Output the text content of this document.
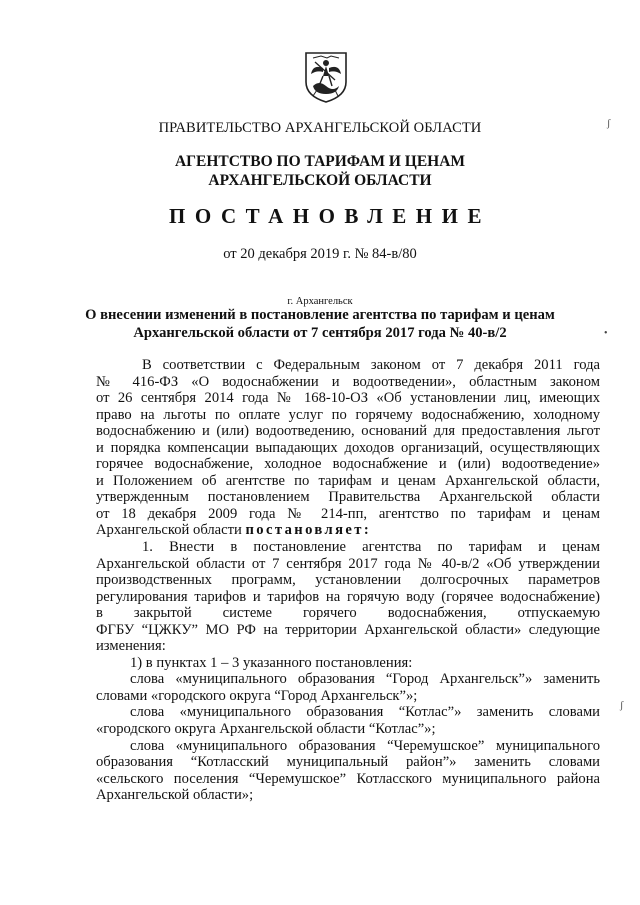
ПРАВИТЕЛЬСТВО АРХАНГЕЛЬСКОЙ ОБЛАСТИ
АГЕНТСТВО ПО ТАРИФАМ И ЦЕНАМ
АРХАНГЕЛЬСКОЙ ОБЛАСТИ
ПОСТАНОВЛЕНИЕ
от 20 декабря 2019 г. № 84-в/80
г. Архангельск
О внесении изменений в постановление агентства по тарифам и ценам
Архангельской области от 7 сентября 2017 года № 40-в/2

В соответствии с Федеральным законом от 7 декабря 2011 года

№ 416-ФЗ «О водоснабжении и водоотведении», областным законом

от 26 сентября 2014 года № 168-10-ОЗ «Об установлении лиц, имеющих

право на льготы по оплате услуг по горячему водоснабжению, холодному

водоснабжению и (или) водоотведению, оснований для предоставления льгот

и порядка компенсации выпадающих доходов организаций, осуществляющих

горячее водоснабжение, холодное водоснабжение и (или) водоотведение»

и Положением об агентстве по тарифам и ценам Архангельской области,

утвержденным постановлением Правительства Архангельской области

от 18 декабря 2009 года № 214-пп, агентство по тарифам и ценам

Архангельской области постановляет:

1. Внести в постановление агентства по тарифам и ценам

Архангельской области от 7 сентября 2017 года № 40-в/2 «Об утверждении

производственных программ, установлении долгосрочных параметров

регулирования тарифов и тарифов на горячую воду (горячее водоснабжение)

в закрытой системе горячего водоснабжения, отпускаемую

ФГБУ “ЦЖКУ” МО РФ на территории Архангельской области» следующие

изменения:

1) в пунктах 1 – 3 указанного постановления:

слова «муниципального образования “Город Архангельск”» заменить

словами «городского округа “Город Архангельск”»;

слова «муниципального образования “Котлас”» заменить словами

«городского округа Архангельской области “Котлас”»;

слова «муниципального образования “Черемушское” муниципального

образования “Котласский муниципальный район”» заменить словами

«сельского поселения “Черемушское” Котласского муниципального района

Архангельской области»;

ʃ
•
ʃ
